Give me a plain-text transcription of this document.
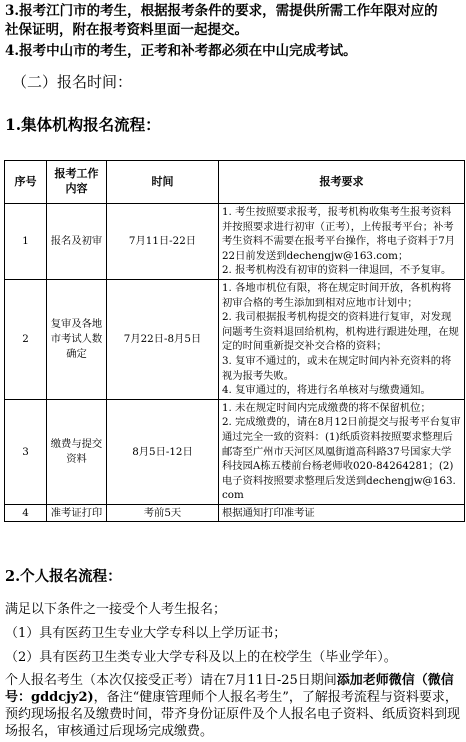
3.报考江门市的考生，根据报考条件的要求，需提供所需工作年限对应的
社保证明，附在报考资料里面一起提交。

4.报考中山市的考生，正考和补考都必须在中山完成考试。

（二）报名时间：

1.集体机构报名流程：

序号	报考工作内容	时间	报考要求
1	报名及初审	7月11日-22日	1. 考生按照要求报考，报考机构收集考生报考资料并按照要求进行初审（正考），上传报考平台；补考考生资料不需要在报考平台操作，将电子资料于7月22日前发送到dechengjw@163.com；
2. 报考机构没有初审的资料一律退回，不予复审。

2	复审及各地市考试人数确定	7月22日-8月5日	1. 各地市机位有限，将在规定时间开放，各机构将初审合格的考生添加到相对应地市计划中；
2. 我司根据报考机构提交的资料进行复审，对发现问题考生资料退回给机构，机构进行跟进处理，在规定的时间重新提交补交合格的资料；
3. 复审不通过的，或未在规定时间内补充资料的将视为报考失败。
4. 复审通过的，将进行名单核对与缴费通知。

3	缴费与提交资料	8月5日-12日	1. 未在规定时间内完成缴费的将不保留机位；
2. 完成缴费的，请在8月12日前提交与报考平台复审通过完全一致的资料：(1)纸质资料按照要求整理后邮寄至广州市天河区凤凰街道高科路37号国家大学科技园A栋五楼前台杨老师收020-84264281；(2)电子资料按照要求整理后发送到dechengjw@163.com

4	准考证打印	考前5天	根据通知打印准考证

2.个人报名流程：

满足以下条件之一接受个人考生报名；

（1）具有医药卫生专业大学专科以上学历证书；

（2）具有医药卫生类专业大学专科及以上的在校学生（毕业学年）。

个人报名考生（本次仅接受正考）请在7月11日-25日期间添加老师微信（微信号：gddcjy2)，备注“健康管理师个人报名考生”，了解报考流程与资料要求，预约现场报名及缴费时间，带齐身份证原件及个人报名电子资料、纸质资料到现场报名，审核通过后现场完成缴费。
